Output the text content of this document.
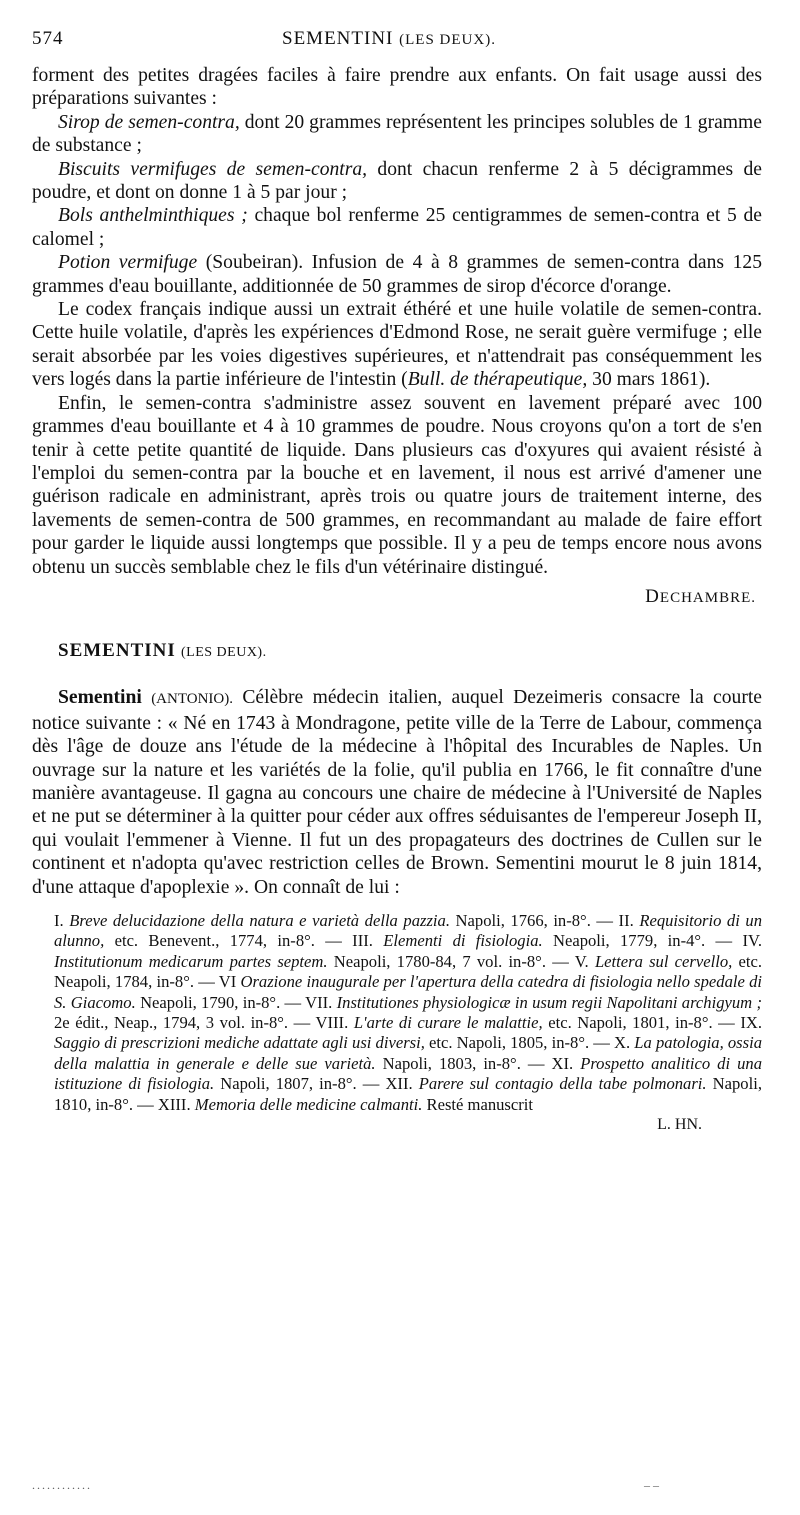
574	SEMENTINI (LES DEUX).

forment des petites dragées faciles à faire prendre aux enfants. On fait usage aussi des préparations suivantes :

Sirop de semen-contra, dont 20 grammes représentent les principes solubles de 1 gramme de substance ;

Biscuits vermifuges de semen-contra, dont chacun renferme 2 à 5 décigrammes de poudre, et dont on donne 1 à 5 par jour ;

Bols anthelminthiques ; chaque bol renferme 25 centigrammes de semen-contra et 5 de calomel ;

Potion vermifuge (Soubeiran). Infusion de 4 à 8 grammes de semen-contra dans 125 grammes d'eau bouillante, additionnée de 50 grammes de sirop d'écorce d'orange.

Le codex français indique aussi un extrait éthéré et une huile volatile de semen-contra. Cette huile volatile, d'après les expériences d'Edmond Rose, ne serait guère vermifuge ; elle serait absorbée par les voies digestives supérieures, et n'attendrait pas conséquemment les vers logés dans la partie inférieure de l'intestin (Bull. de thérapeutique, 30 mars 1861).

Enfin, le semen-contra s'administre assez souvent en lavement préparé avec 100 grammes d'eau bouillante et 4 à 10 grammes de poudre. Nous croyons qu'on a tort de s'en tenir à cette petite quantité de liquide. Dans plusieurs cas d'oxyures qui avaient résisté à l'emploi du semen-contra par la bouche et en lavement, il nous est arrivé d'amener une guérison radicale en administrant, après trois ou quatre jours de traitement interne, des lavements de semen-contra de 500 grammes, en recommandant au malade de faire effort pour garder le liquide aussi longtemps que possible. Il y a peu de temps encore nous avons obtenu un succès semblable chez le fils d'un vétérinaire distingué.

DECHAMBRE.
SEMENTINI (LES DEUX).

Sementini (ANTONIO). Célèbre médecin italien, auquel Dezeimeris consacre la courte notice suivante : « Né en 1743 à Mondragone, petite ville de la Terre de Labour, commença dès l'âge de douze ans l'étude de la médecine à l'hôpital des Incurables de Naples. Un ouvrage sur la nature et les variétés de la folie, qu'il publia en 1766, le fit connaître d'une manière avantageuse. Il gagna au concours une chaire de médecine à l'Université de Naples et ne put se déterminer à la quitter pour céder aux offres séduisantes de l'empereur Joseph II, qui voulait l'emmener à Vienne. Il fut un des propagateurs des doctrines de Cullen sur le continent et n'adopta qu'avec restriction celles de Brown. Sementini mourut le 8 juin 1814, d'une attaque d'apoplexie ». On connaît de lui :

I. Breve delucidazione della natura e varietà della pazzia. Napoli, 1766, in-8°. — II. Requisitorio di un alunno, etc. Benevent., 1774, in-8°. — III. Elementi di fisiologia. Neapoli, 1779, in-4°. — IV. Institutionum medicarum partes septem. Neapoli, 1780-84, 7 vol. in-8°. — V. Lettera sul cervello, etc. Neapoli, 1784, in-8°. — VI Orazione inaugurale per l'apertura della catedra di fisiologia nello spedale di S. Giacomo. Neapoli, 1790, in-8°. — VII. Institutiones physiologicæ in usum regii Napolitani archigyum ; 2e édit., Neap., 1794, 3 vol. in-8°. — VIII. L'arte di curare le malattie, etc. Napoli, 1801, in-8°. — IX. Saggio di prescrizioni mediche adattate agli usi diversi, etc. Napoli, 1805, in-8°. — X. La patologia, ossia della malattia in generale e delle sue varietà. Napoli, 1803, in-8°. — XI. Prospetto analitico di una istituzione di fisiologia. Napoli, 1807, in-8°. — XII. Parere sul contagio della tabe polmonari. Napoli, 1810, in-8°. — XIII. Memoria delle medicine calmanti. Resté manuscrit

L. HN.
............	– –
